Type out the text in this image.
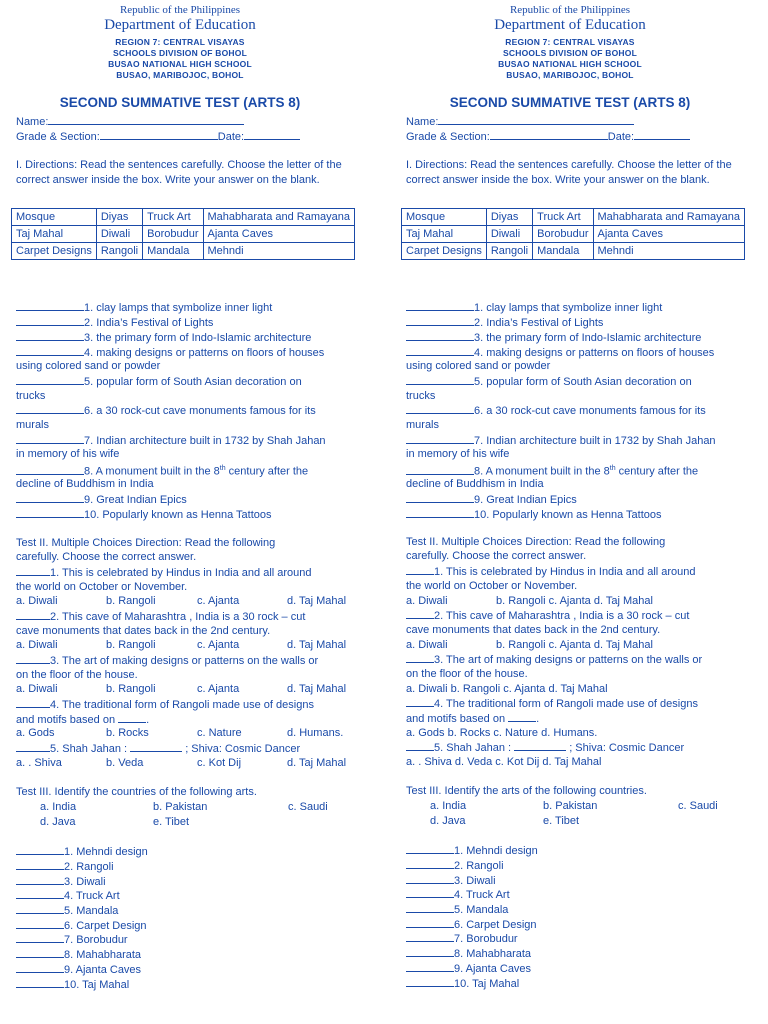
Republic of the Philippines
Department of Education
REGION 7: CENTRAL VISAYAS
SCHOOLS DIVISION OF BOHOL
BUSAO NATIONAL HIGH SCHOOL
BUSAO, MARIBOJOC, BOHOL
SECOND SUMMATIVE TEST (ARTS 8)
Name:
Grade & Section:	Date:
I. Directions: Read the sentences carefully. Choose the letter of the correct answer inside the box. Write your answer on the blank.
Mosque	Diyas	Truck Art	Mahabharata and Ramayana
Taj Mahal	Diwali	Borobudur	Ajanta Caves
Carpet Designs	Rangoli	Mandala	Mehndi
1. clay lamps that symbolize inner light
2. India’s Festival of Lights
3. the primary form of Indo-Islamic architecture
4. making designs or patterns on floors of houses
using colored sand or powder
5. popular form of South Asian decoration on
trucks
6. a 30 rock-cut cave monuments famous for its
murals
7. Indian architecture built in 1732 by Shah Jahan
in memory of his wife
8. A monument built in the 8th century after the
decline of Buddhism in India
9. Great Indian Epics
10. Popularly known as Henna Tattoos
Test II. Multiple Choices Direction: Read the following
carefully. Choose the correct answer.
1. This is celebrated by Hindus in India and all around
the world on October or November.
a. Diwali	b. Rangoli	c. Ajanta	d. Taj Mahal
2. This cave of Maharashtra , India is a 30 rock – cut
cave monuments that dates back in the 2nd century.
a. Diwali	b. Rangoli	c. Ajanta	d. Taj Mahal
3. The art of making designs or patterns on the walls or
on the floor of the house.
a. Diwali	b. Rangoli	c. Ajanta	d. Taj Mahal
4. The traditional form of Rangoli made use of designs
and motifs based on	.
a. Gods	b. Rocks	c. Nature	d. Humans.
5. Shah Jahan :	; Shiva: Cosmic Dancer
a. . Shiva	b. Veda	c. Kot Dij	d. Taj Mahal
Test III. Identify the countries of the following arts.
a. India	b. Pakistan	c. Saudi
d. Java	e. Tibet
1. Mehndi design
2. Rangoli
3. Diwali
4. Truck Art
5. Mandala
6. Carpet Design
7. Borobudur
8. Mahabharata
9. Ajanta Caves
10. Taj Mahal
Republic of the Philippines
Department of Education
REGION 7: CENTRAL VISAYAS
SCHOOLS DIVISION OF BOHOL
BUSAO NATIONAL HIGH SCHOOL
BUSAO, MARIBOJOC, BOHOL
SECOND SUMMATIVE TEST (ARTS 8)
Name:
Grade & Section:	Date:
I. Directions: Read the sentences carefully. Choose the letter of the correct answer inside the box. Write your answer on the blank.
Mosque	Diyas	Truck Art	Mahabharata and Ramayana
Taj Mahal	Diwali	Borobudur	Ajanta Caves
Carpet Designs	Rangoli	Mandala	Mehndi
1. clay lamps that symbolize inner light
2. India’s Festival of Lights
3. the primary form of Indo-Islamic architecture
4. making designs or patterns on floors of houses
using colored sand or powder
5. popular form of South Asian decoration on
trucks
6. a 30 rock-cut cave monuments famous for its
murals
7. Indian architecture built in 1732 by Shah Jahan
in memory of his wife
8. A monument built in the 8th century after the
decline of Buddhism in India
9. Great Indian Epics
10. Popularly known as Henna Tattoos
Test II. Multiple Choices Direction: Read the following
carefully. Choose the correct answer.
1. This is celebrated by Hindus in India and all around
the world on October or November.
a. Diwali	b. Rangoli c. Ajanta d. Taj Mahal
2. This cave of Maharashtra , India is a 30 rock – cut
cave monuments that dates back in the 2nd century.
a. Diwali	b. Rangoli c. Ajanta d. Taj Mahal
3. The art of making designs or patterns on the walls or
on the floor of the house.
a. Diwali b. Rangoli c. Ajanta d. Taj Mahal
4. The traditional form of Rangoli made use of designs
and motifs based on	.
a. Gods b. Rocks c. Nature d. Humans.
5. Shah Jahan :	; Shiva: Cosmic Dancer
a. . Shiva d. Veda c. Kot Dij d. Taj Mahal
Test III. Identify the arts of the following countries.
a. India	b. Pakistan	c. Saudi
d. Java	e. Tibet
1. Mehndi design
2. Rangoli
3. Diwali
4. Truck Art
5. Mandala
6. Carpet Design
7. Borobudur
8. Mahabharata
9. Ajanta Caves
10. Taj Mahal
